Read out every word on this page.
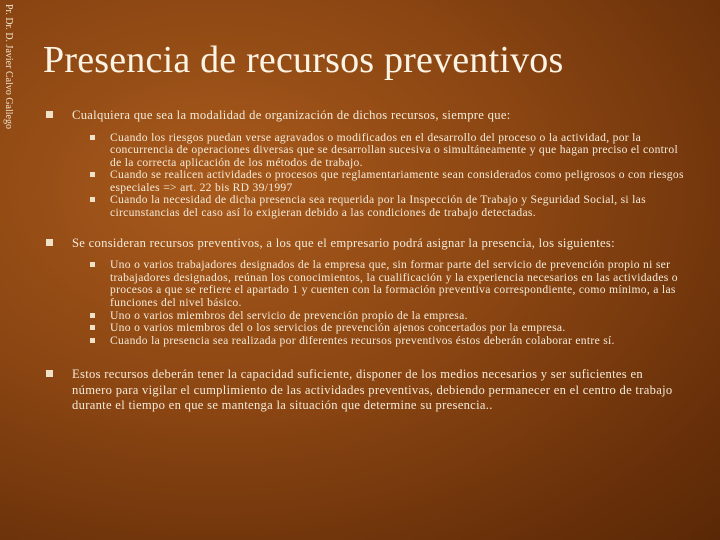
Pr. Dr. D. Javier Calvo Gallego Presencia de recursos preventivos
Cualquiera que sea la modalidad de organización de dichos recursos, siempre que:
Cuando los riesgos puedan verse agravados o modificados en el desarrollo del proceso o la actividad, por la concurrencia de operaciones diversas que se desarrollan sucesiva o simultáneamente y que hagan preciso el control de la correcta aplicación de los métodos de trabajo.
Cuando se realicen actividades o procesos que reglamentariamente sean considerados como peligrosos o con riesgos especiales => art. 22 bis RD 39/1997
Cuando la necesidad de dicha presencia sea requerida por la Inspección de Trabajo y Seguridad Social, si las circunstancias del caso así lo exigieran debido a las condiciones de trabajo detectadas.
Se consideran recursos preventivos, a los que el empresario podrá asignar la presencia, los siguientes:
Uno o varios trabajadores designados de la empresa que, sin formar parte del servicio de prevención propio ni ser trabajadores designados, reúnan los conocimientos, la cualificación y la experiencia necesarios en las actividades o procesos a que se refiere el apartado 1 y cuenten con la formación preventiva correspondiente, como mínimo, a las funciones del nivel básico.
Uno o varios miembros del servicio de prevención propio de la empresa.
Uno o varios miembros del o los servicios de prevención ajenos concertados por la empresa.
Cuando la presencia sea realizada por diferentes recursos preventivos éstos deberán colaborar entre sí.
Estos recursos deberán tener la capacidad suficiente, disponer de los medios necesarios y ser suficientes en número para vigilar el cumplimiento de las actividades preventivas, debiendo permanecer en el centro de trabajo durante el tiempo en que se mantenga la situación que determine su presencia..
